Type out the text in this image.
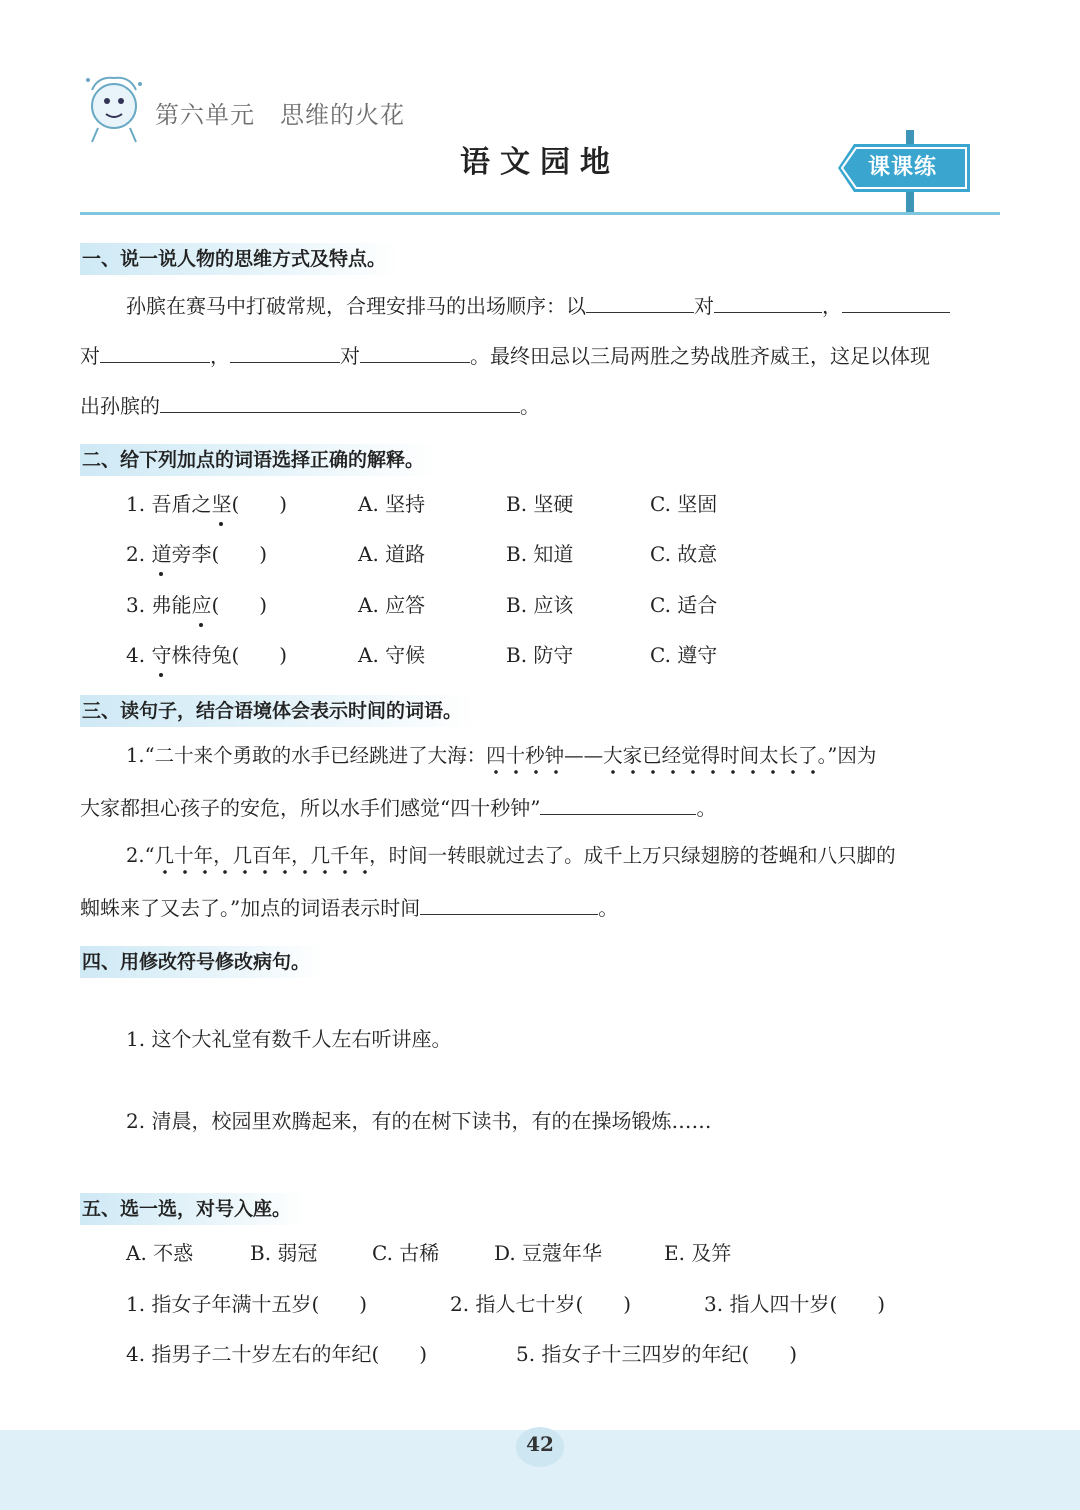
第六单元　思维的火花
语文园地	课课练
一、说一说人物的思维方式及特点。
孙膑在赛马中打破常规，合理安排马的出场顺序：以	对	，
对	，	对	。最终田忌以三局两胜之势战胜齐威王，这足以体现
出孙膑的	。
二、给下列加点的词语选择正确的解释。
1. 吾盾之坚(　　)	A. 坚持	B. 坚硬	C. 坚固
2. 道旁李(　　)	A. 道路	B. 知道	C. 故意
3. 弗能应(　　)	A. 应答	B. 应该	C. 适合
4. 守株待兔(　　)	A. 守候	B. 防守	C. 遵守
三、读句子，结合语境体会表示时间的词语。
1.“二十来个勇敢的水手已经跳进了大海：四十秒钟——大家已经觉得时间太长了。”因为
大家都担心孩子的安危，所以水手们感觉“四十秒钟”	。
2.“几十年，几百年，几千年，时间一转眼就过去了。成千上万只绿翅膀的苍蝇和八只脚的
蜘蛛来了又去了。”加点的词语表示时间	。
四、用修改符号修改病句。
1. 这个大礼堂有数千人左右听讲座。
2. 清晨，校园里欢腾起来，有的在树下读书，有的在操场锻炼……
五、选一选，对号入座。
A. 不惑	B. 弱冠	C. 古稀	D. 豆蔻年华	E. 及笄
1. 指女子年满十五岁(　　)	2. 指人七十岁(　　)	3. 指人四十岁(　　)
4. 指男子二十岁左右的年纪(　　)	5. 指女子十三四岁的年纪(　　)
42
